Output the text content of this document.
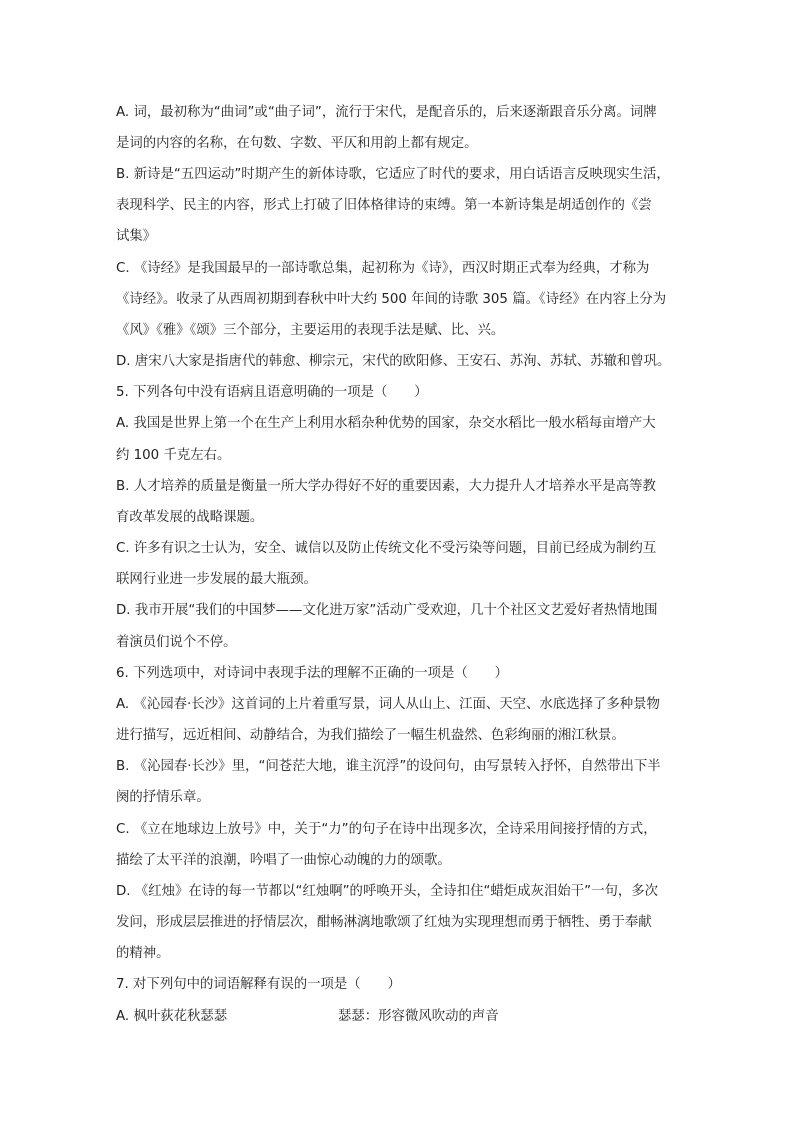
A. 词，最初称为“曲词”或“曲子词”，流行于宋代，是配音乐的，后来逐渐跟音乐分离。词牌
是词的内容的名称，在句数、字数、平仄和用韵上都有规定。
B. 新诗是“五四运动”时期产生的新体诗歌，它适应了时代的要求，用白话语言反映现实生活，
表现科学、民主的内容，形式上打破了旧体格律诗的束缚。第一本新诗集是胡适创作的《尝
试集》
C. 《诗经》是我国最早的一部诗歌总集，起初称为《诗》，西汉时期正式奉为经典，才称为
《诗经》。收录了从西周初期到春秋中叶大约 500 年间的诗歌 305 篇。《诗经》在内容上分为
《风》《雅》《颂》三个部分，主要运用的表现手法是赋、比、兴。
D. 唐宋八大家是指唐代的韩愈、柳宗元，宋代的欧阳修、王安石、苏洵、苏轼、苏辙和曾巩。
5. 下列各句中没有语病且语意明确的一项是（　　）
A. 我国是世界上第一个在生产上利用水稻杂种优势的国家，杂交水稻比一般水稻每亩增产大
约 100 千克左右。
B. 人才培养的质量是衡量一所大学办得好不好的重要因素，大力提升人才培养水平是高等教
育改革发展的战略课题。
C. 许多有识之士认为，安全、诚信以及防止传统文化不受污染等问题，目前已经成为制约互
联网行业进一步发展的最大瓶颈。
D. 我市开展“我们的中国梦——文化进万家”活动广受欢迎，几十个社区文艺爱好者热情地围
着演员们说个不停。
6. 下列选项中，对诗词中表现手法的理解不正确的一项是（　　）
A. 《沁园春·长沙》这首词的上片着重写景，词人从山上、江面、天空、水底选择了多种景物
进行描写，远近相间、动静结合，为我们描绘了一幅生机盎然、色彩绚丽的湘江秋景。
B. 《沁园春·长沙》里，“问苍茫大地，谁主沉浮”的设问句，由写景转入抒怀，自然带出下半
阕的抒情乐章。
C. 《立在地球边上放号》中，关于“力”的句子在诗中出现多次，全诗采用间接抒情的方式，
描绘了太平洋的浪潮，吟唱了一曲惊心动魄的力的颂歌。
D. 《红烛》在诗的每一节都以“红烛啊”的呼唤开头，全诗扣住“蜡炬成灰泪始干”一句，多次
发问，形成层层推进的抒情层次，酣畅淋漓地歌颂了红烛为实现理想而勇于牺牲、勇于奉献
的精神。
7. 对下列句中的词语解释有误的一项是（　　）
A. 枫叶荻花秋瑟瑟	瑟瑟：形容微风吹动的声音
